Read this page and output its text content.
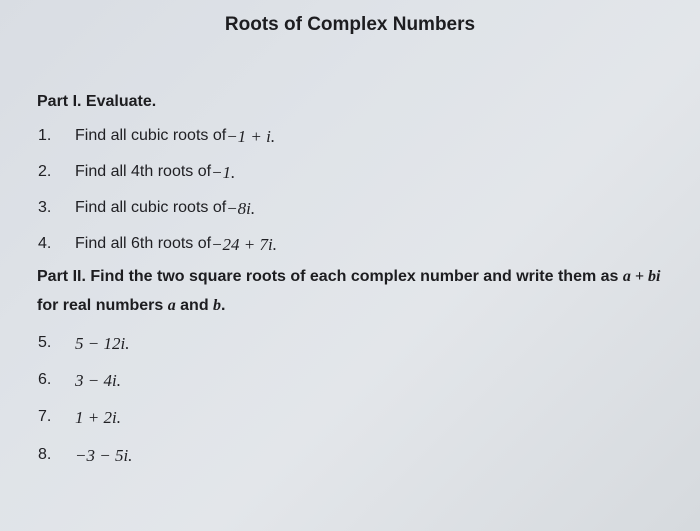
Roots of Complex Numbers
Part I. Evaluate.
1.	Find all cubic roots of −1 + i.
2.	Find all 4th roots of −1.
3.	Find all cubic roots of −8i.
4.	Find all 6th roots of −24 + 7i.
Part II. Find the two square roots of each complex number and write them as a + bi for real numbers a and b.
5.	5 − 12i.
6.	3 − 4i.
7.	1 + 2i.
8.	−3 − 5i.
